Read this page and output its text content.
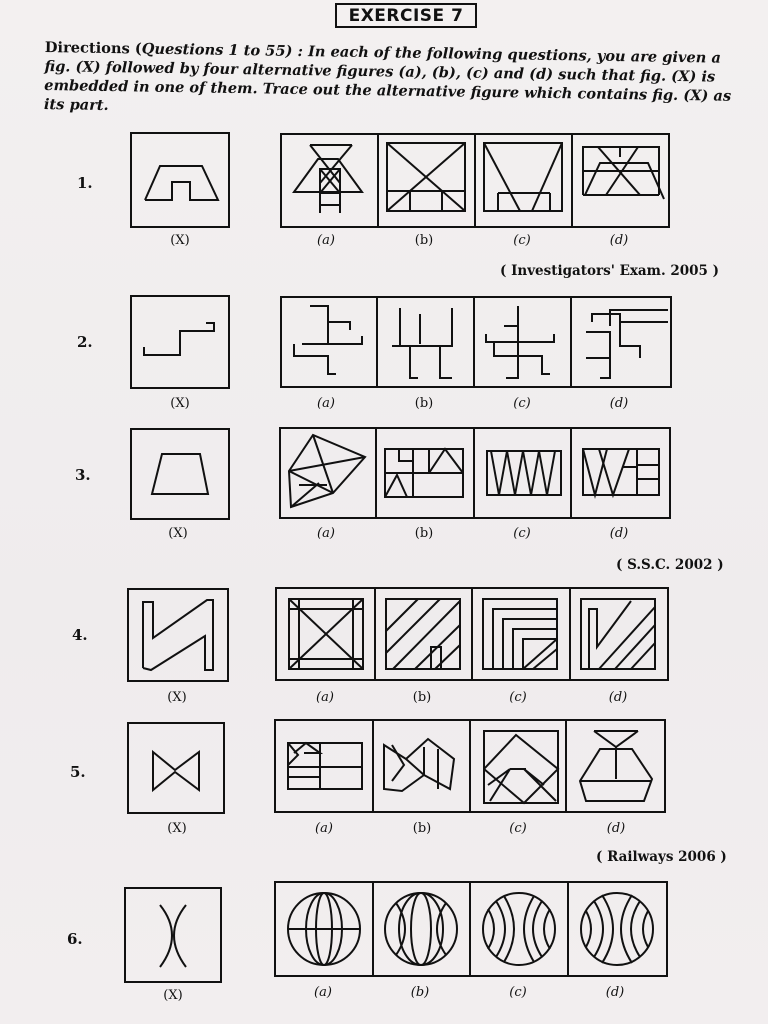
EXERCISE 7
Directions (Questions 1 to 55) : In each of the following questions, you are given a fig. (X) followed by four alternative figures (a), (b), (c) and (d) such that fig. (X) is embedded in one of them. Trace out the alternative figure which contains fig. (X) as its part.
1.
(X)	(a)	(b)	(c)	(d)
( Investigators' Exam. 2005 )
2.
(X)	(a)	(b)	(c)	(d)
3.
(X)	(a)	(b)	(c)	(d)
( S.S.C. 2002 )
4.
(X)	(a)	(b)	(c)	(d)
5.
(X)	(a)	(b)	(c)	(d)
( Railways 2006 )
6.
(X)	(a)	(b)	(c)	(d)
